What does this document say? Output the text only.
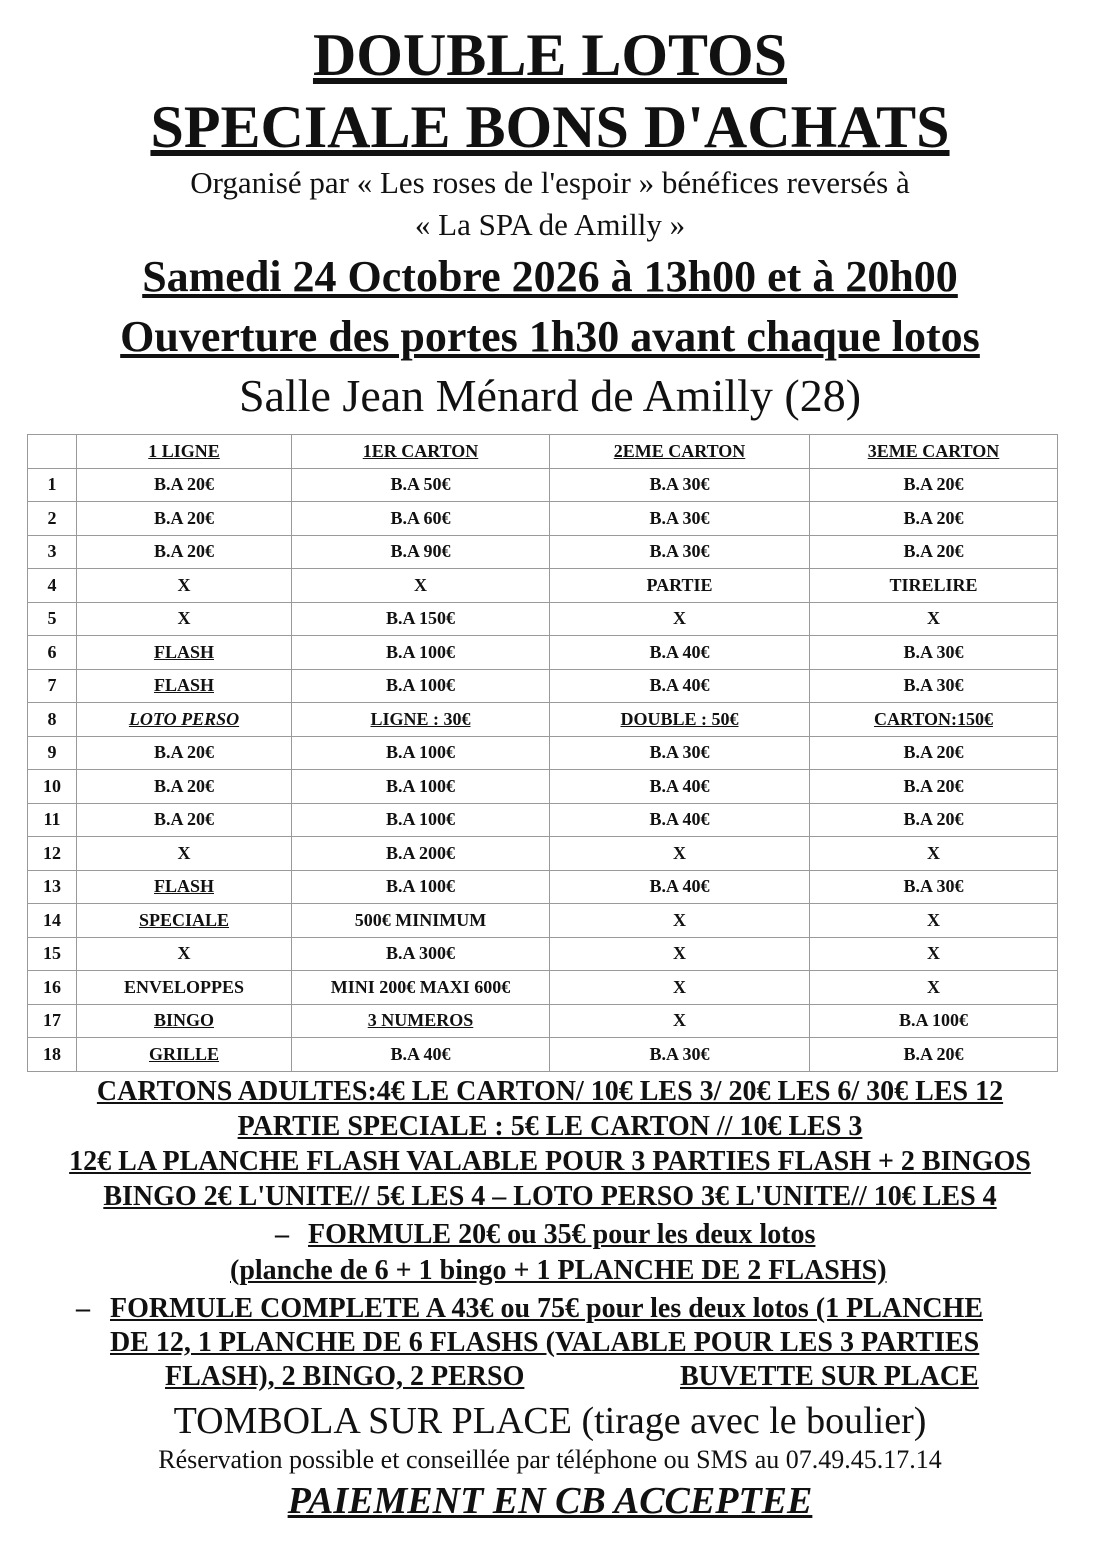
DOUBLE LOTOS
SPECIALE BONS D'ACHATS
Organisé par « Les roses de l'espoir » bénéfices reversés à
« La SPA de Amilly »
Samedi 24 Octobre 2026 à 13h00 et à 20h00
Ouverture des portes 1h30 avant chaque lotos
Salle Jean Ménard de Amilly (28)
	1 LIGNE	1ER CARTON	2EME CARTON	3EME CARTON
1	B.A 20€	B.A 50€	B.A 30€	B.A 20€
2	B.A 20€	B.A 60€	B.A 30€	B.A 20€
3	B.A 20€	B.A 90€	B.A 30€	B.A 20€
4	X	X	PARTIE	TIRELIRE
5	X	B.A 150€	X	X
6	FLASH	B.A 100€	B.A 40€	B.A 30€
7	FLASH	B.A 100€	B.A 40€	B.A 30€
8	LOTO PERSO	LIGNE : 30€	DOUBLE : 50€	CARTON:150€
9	B.A 20€	B.A 100€	B.A 30€	B.A 20€
10	B.A 20€	B.A 100€	B.A 40€	B.A 20€
11	B.A 20€	B.A 100€	B.A 40€	B.A 20€
12	X	B.A 200€	X	X
13	FLASH	B.A 100€	B.A 40€	B.A 30€
14	SPECIALE	500€ MINIMUM	X	X
15	X	B.A 300€	X	X
16	ENVELOPPES	MINI 200€ MAXI 600€	X	X
17	BINGO	3 NUMEROS	X	B.A 100€
18	GRILLE	B.A 40€	B.A 30€	B.A 20€
CARTONS ADULTES:4€ LE CARTON/ 10€ LES 3/ 20€ LES 6/ 30€ LES 12
PARTIE SPECIALE : 5€ LE CARTON // 10€ LES 3
12€ LA PLANCHE FLASH VALABLE POUR 3 PARTIES FLASH + 2 BINGOS
BINGO 2€ L'UNITE// 5€ LES 4 – LOTO PERSO 3€ L'UNITE// 10€ LES 4
– FORMULE 20€ ou 35€ pour les deux lotos
(planche de 6 + 1 bingo + 1 PLANCHE DE 2 FLASHS)
– FORMULE COMPLETE A 43€ ou 75€ pour les deux lotos (1 PLANCHE
DE 12, 1 PLANCHE DE 6 FLASHS (VALABLE POUR LES 3 PARTIES
FLASH), 2 BINGO, 2 PERSO	BUVETTE SUR PLACE
TOMBOLA SUR PLACE (tirage avec le boulier)
Réservation possible et conseillée par téléphone ou SMS au 07.49.45.17.14
PAIEMENT EN CB ACCEPTEE
